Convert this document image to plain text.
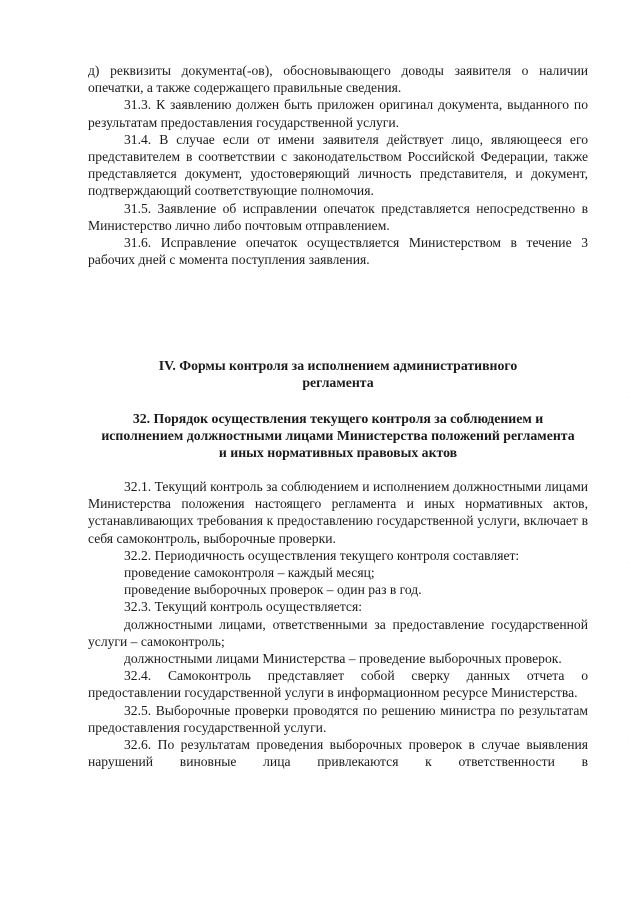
д) реквизиты документа(-ов), обосновывающего доводы заявителя о наличии опечатки, а также содержащего правильные сведения.

31.3. К заявлению должен быть приложен оригинал документа, выданного по результатам предоставления государственной услуги.

31.4. В случае если от имени заявителя действует лицо, являющееся его представителем в соответствии с законодательством Российской Федерации, также представляется документ, удостоверяющий личность представителя, и документ, подтверждающий соответствующие полномочия.

31.5. Заявление об исправлении опечаток представляется непосредственно в Министерство лично либо почтовым отправлением.

31.6. Исправление опечаток осуществляется Министерством в течение 3 рабочих дней с момента поступления заявления.

IV. Формы контроля за исполнением административного регламента
32. Порядок осуществления текущего контроля за соблюдением и исполнением должностными лицами Министерства положений регламента и иных нормативных правовых актов

32.1. Текущий контроль за соблюдением и исполнением должностными лицами Министерства положения настоящего регламента и иных нормативных актов, устанавливающих требования к предоставлению государственной услуги, включает в себя самоконтроль, выборочные проверки.

32.2. Периодичность осуществления текущего контроля составляет:

проведение самоконтроля – каждый месяц;

проведение выборочных проверок – один раз в год.

32.3. Текущий контроль осуществляется:

должностными лицами, ответственными за предоставление государственной услуги – самоконтроль;

должностными лицами Министерства – проведение выборочных проверок.

32.4. Самоконтроль представляет собой сверку данных отчета о предоставлении государственной услуги в информационном ресурсе Министерства.

32.5. Выборочные проверки проводятся по решению министра по результатам предоставления государственной услуги.

32.6. По результатам проведения выборочных проверок в случае выявления нарушений виновные лица привлекаются к ответственности в

·
·
·
·
·
·
·
·
·
